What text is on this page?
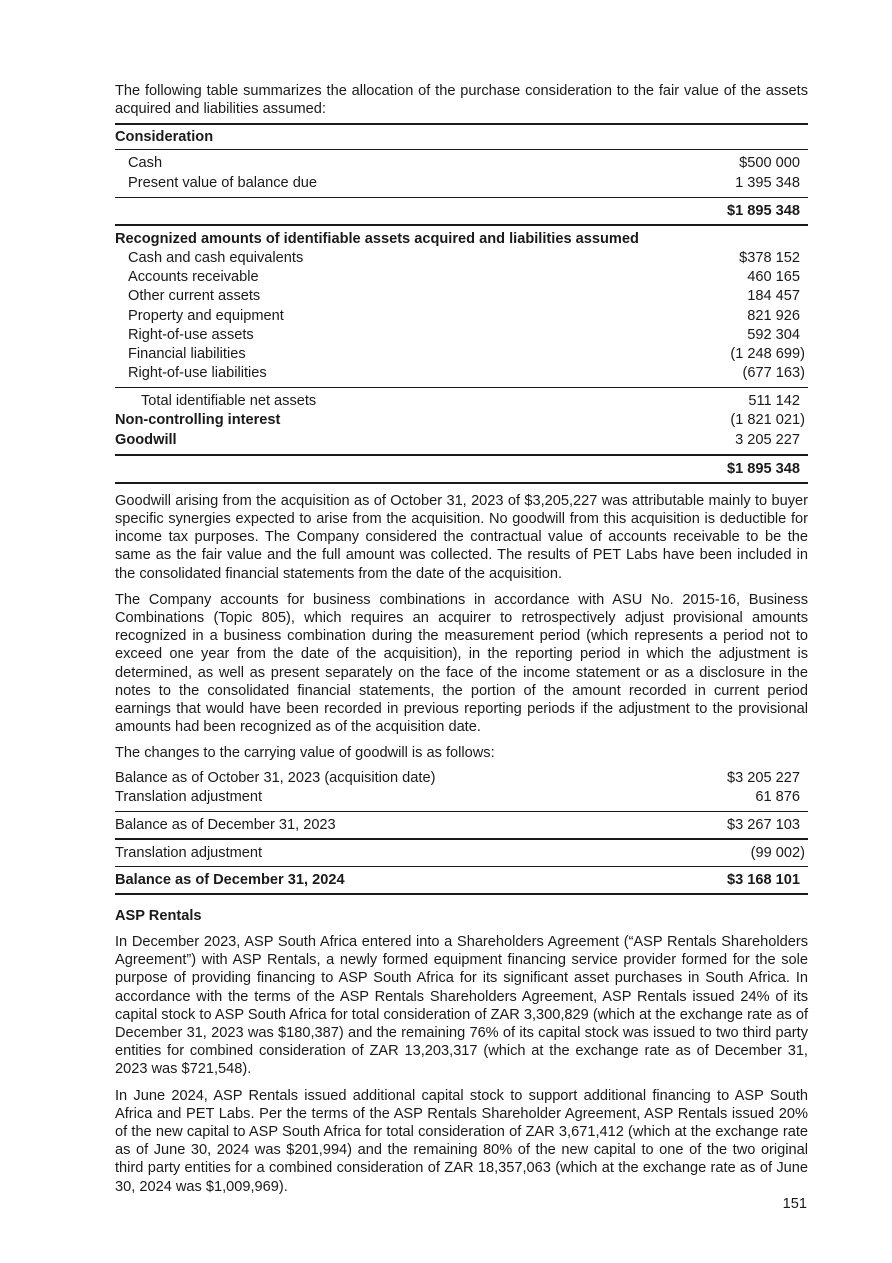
The following table summarizes the allocation of the purchase consideration to the fair value of the assets acquired and liabilities assumed:

Consideration
Cash	$500 000
Present value of balance due	1 395 348
$1 895 348
Recognized amounts of identifiable assets acquired and liabilities assumed
Cash and cash equivalents	$378 152
Accounts receivable	460 165
Other current assets	184 457
Property and equipment	821 926
Right-of-use assets	592 304
Financial liabilities	(1 248 699)
Right-of-use liabilities	(677 163)
Total identifiable net assets	511 142
Non-controlling interest	(1 821 021)
Goodwill	3 205 227
$1 895 348

Goodwill arising from the acquisition as of October 31, 2023 of $3,205,227 was attributable mainly to buyer specific synergies expected to arise from the acquisition. No goodwill from this acquisition is deductible for income tax purposes. The Company considered the contractual value of accounts receivable to be the same as the fair value and the full amount was collected. The results of PET Labs have been included in the consolidated financial statements from the date of the acquisition.

The Company accounts for business combinations in accordance with ASU No. 2015-16, Business Combinations (Topic 805), which requires an acquirer to retrospectively adjust provisional amounts recognized in a business combination during the measurement period (which represents a period not to exceed one year from the date of the acquisition), in the reporting period in which the adjustment is determined, as well as present separately on the face of the income statement or as a disclosure in the notes to the consolidated financial statements, the portion of the amount recorded in current period earnings that would have been recorded in previous reporting periods if the adjustment to the provisional amounts had been recognized as of the acquisition date.

The changes to the carrying value of goodwill is as follows:

Balance as of October 31, 2023 (acquisition date)	$3 205 227
Translation adjustment	61 876
Balance as of December 31, 2023	$3 267 103
Translation adjustment	(99 002)
Balance as of December 31, 2024	$3 168 101
ASP Rentals

In December 2023, ASP South Africa entered into a Shareholders Agreement (“ASP Rentals Shareholders Agreement”) with ASP Rentals, a newly formed equipment financing service provider formed for the sole purpose of providing financing to ASP South Africa for its significant asset purchases in South Africa. In accordance with the terms of the ASP Rentals Shareholders Agreement, ASP Rentals issued 24% of its capital stock to ASP South Africa for total consideration of ZAR 3,300,829 (which at the exchange rate as of December 31, 2023 was $180,387) and the remaining 76% of its capital stock was issued to two third party entities for combined consideration of ZAR 13,203,317 (which at the exchange rate as of December 31, 2023 was $721,548).

In June 2024, ASP Rentals issued additional capital stock to support additional financing to ASP South Africa and PET Labs. Per the terms of the ASP Rentals Shareholder Agreement, ASP Rentals issued 20% of the new capital to ASP South Africa for total consideration of ZAR 3,671,412 (which at the exchange rate as of June 30, 2024 was $201,994) and the remaining 80% of the new capital to one of the two original third party entities for a combined consideration of ZAR 18,357,063 (which at the exchange rate as of June 30, 2024 was $1,009,969).

151
